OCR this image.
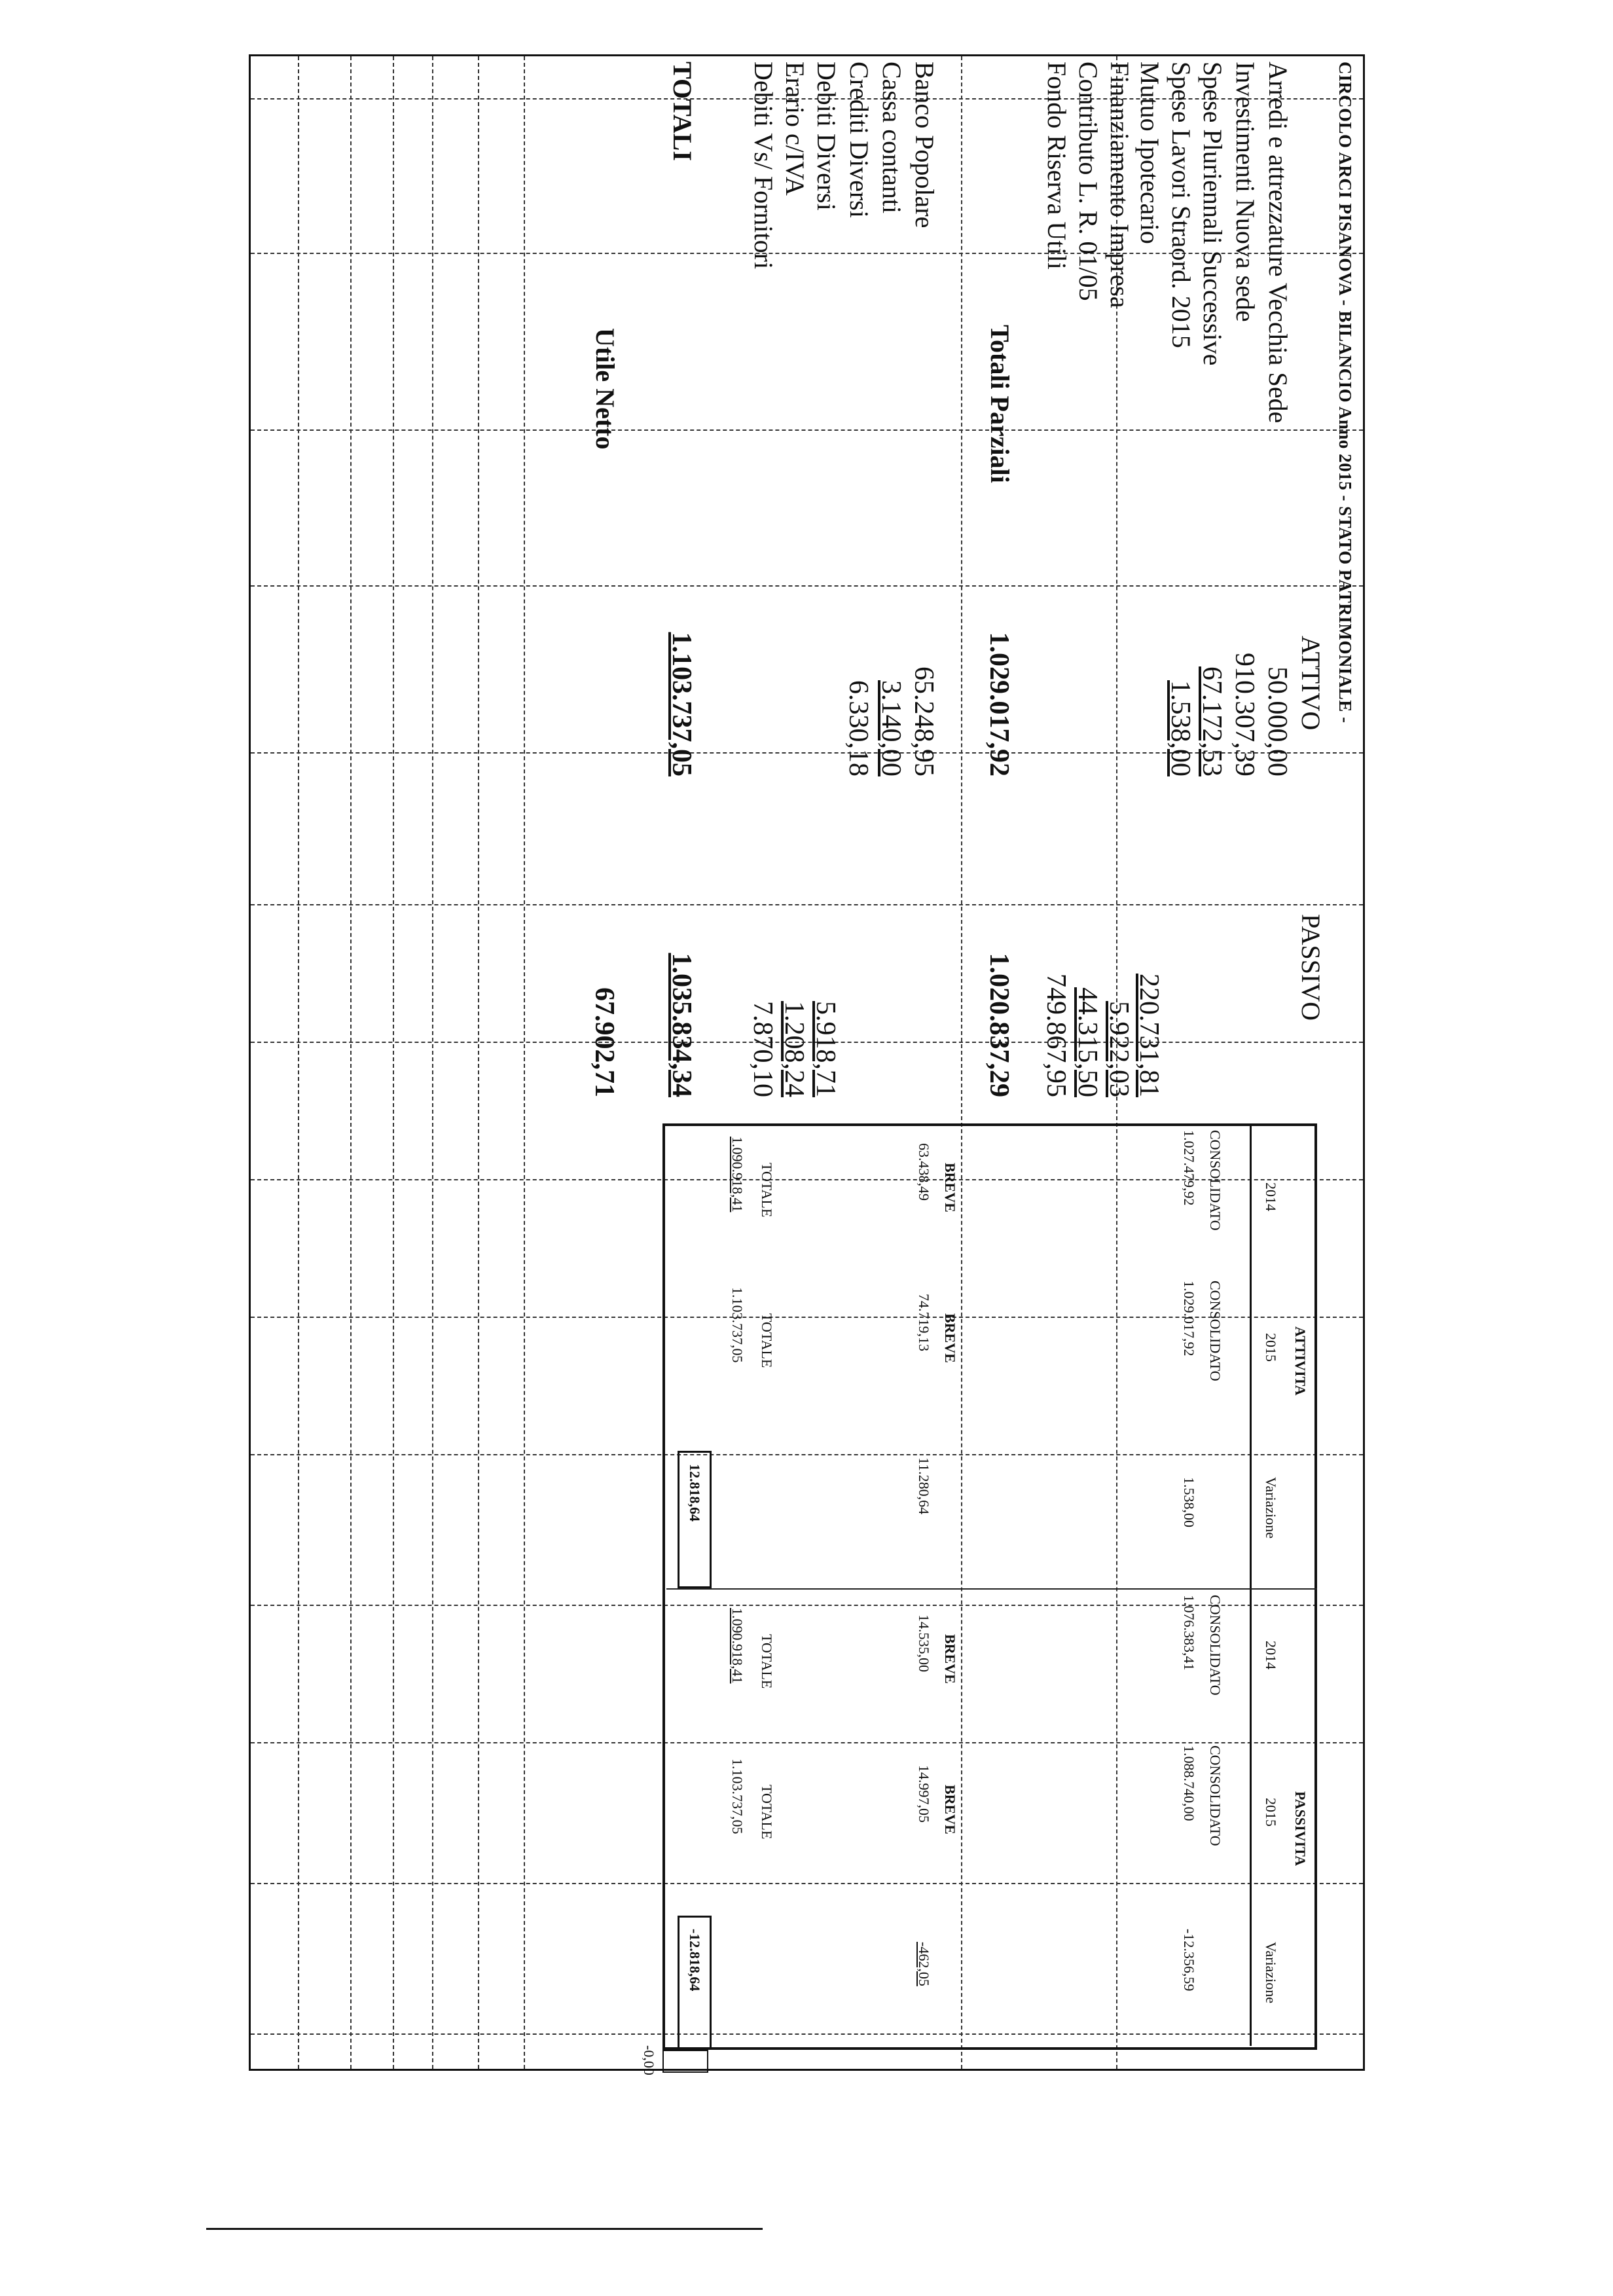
CIRCOLO ARCI PISANOVA - BILANCIO Anno 2015 - STATO PATRIMONIALE -
ATTIVO
PASSIVO
Arredi e attrezzature Vecchia Sede
Investimenti Nuova sede
Spese Pluriennali Successive
Spese Lavori Straord. 2015
Mutuo Ipotecario
Finanziamento Impresa
Contributo L. R. 01/05
Fondo Riserva Utili
50.000,00
910.307,39
67.172,53
1.538,00
220.731,81
5.922,03
44.315,50
749.867,95
Totali Parziali
1.029.017,92
1.020.837,29
Banco Popolare
Cassa contanti
Crediti Diversi
Debiti Diversi
Erario c/IVA
Debiti Vs/ Fornitori
65.248,95
3.140,00
6.330,18
5.918,71
1.208,24
7.870,10
TOTALI
1.103.737,05
1.035.834,34
Utile Netto
67.902,71
ATTIVITA
2014
2015
Variazione
CONSOLIDATO
1.027.479,92
CONSOLIDATO
1.029.017,92
1.538,00
BREVE
63.438,49
BREVE
74.719,13
11.280,64
TOTALE
1.090.918,41
TOTALE
1.103.737,05
12.818,64
PASSIVITA
2014
2015
Variazione
CONSOLIDATO
1.076.383,41
CONSOLIDATO
1.088.740,00
-12.356,59
BREVE
14.535,00
BREVE
14.997,05
-462,05
TOTALE
1.090.918,41
TOTALE
1.103.737,05
-12.818,64
-0,00
